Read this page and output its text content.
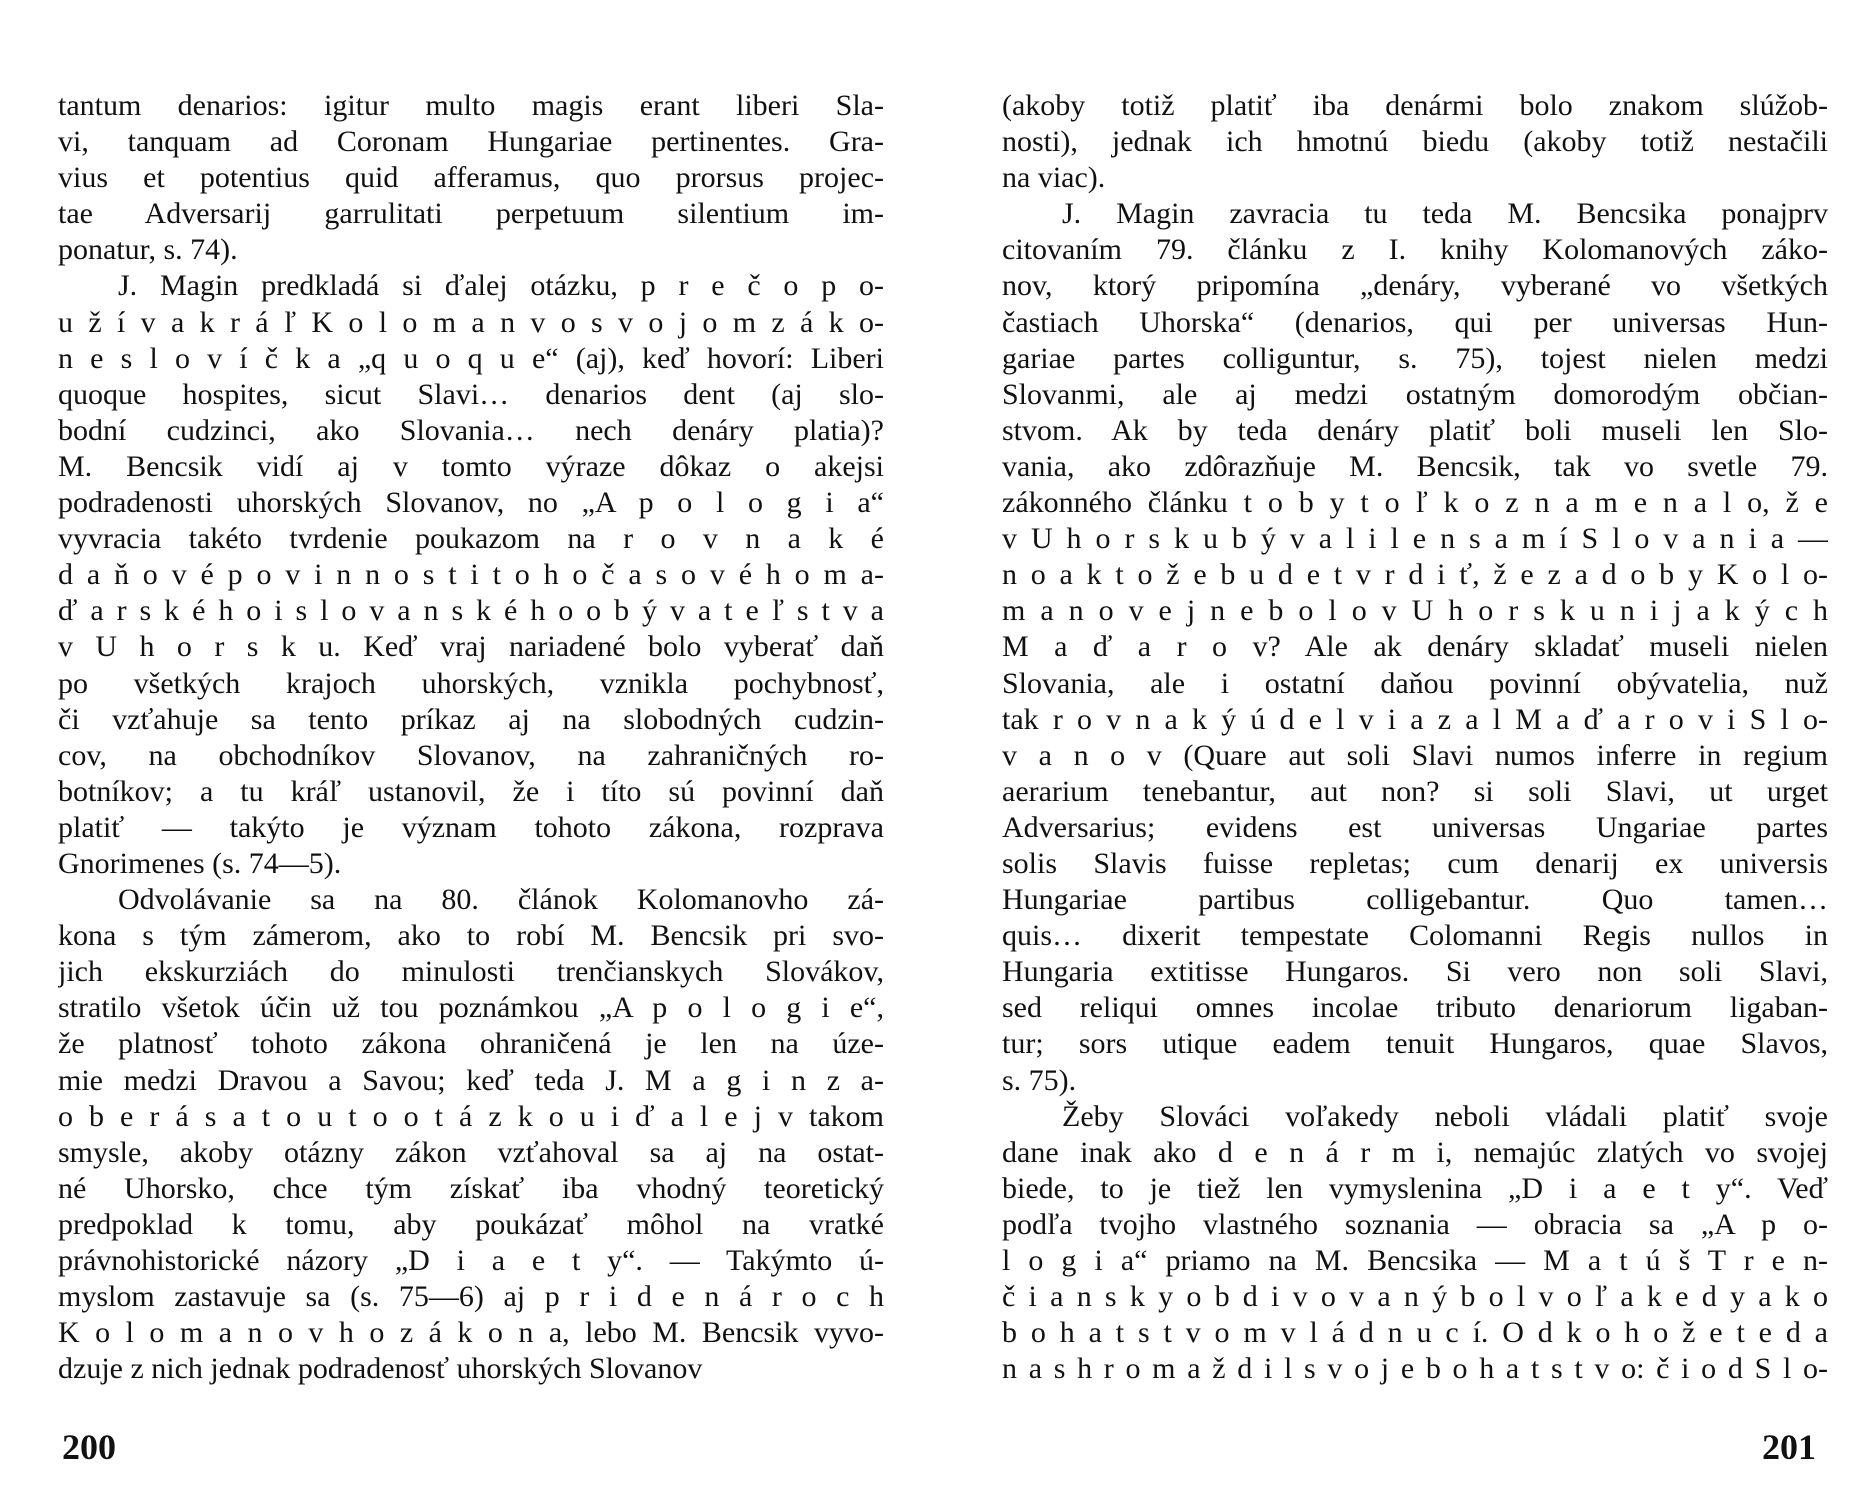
tantum denarios: igitur multo magis erant liberi Sla-
vi, tanquam ad Coronam Hungariae pertinentes. Gra-
vius et potentius quid afferamus, quo prorsus projec-
tae Adversarij garrulitati perpetuum silentium im-
ponatur, s. 74).
J. Magin predkladá si ďalej otázku, p r e č o p o-
u ž í v a k r á ľ K o l o m a n v o s v o j o m z á k o-
n e s l o v í č k a „q u o q u e“ (aj), keď hovorí: Liberi
quoque hospites, sicut Slavi… denarios dent (aj slo-
bodní cudzinci, ako Slovania… nech denáry platia)?
M. Bencsik vidí aj v tomto výraze dôkaz o akejsi
podradenosti uhorských Slovanov, no „A p o l o g i a“
vyvracia takéto tvrdenie poukazom na r o v n a k é
d a ň o v é p o v i n n o s t i t o h o č a s o v é h o m a-
ď a r s k é h o i s l o v a n s k é h o o b ý v a t e ľ s t v a
v U h o r s k u. Keď vraj nariadené bolo vyberať daň
po všetkých krajoch uhorských, vznikla pochybnosť,
či vzťahuje sa tento príkaz aj na slobodných cudzin-
cov, na obchodníkov Slovanov, na zahraničných ro-
botníkov; a tu kráľ ustanovil, že i títo sú povinní daň
platiť — takýto je význam tohoto zákona, rozprava
Gnorimenes (s. 74—5).
Odvolávanie sa na 80. článok Kolomanovho zá-
kona s tým zámerom, ako to robí M. Bencsik pri svo-
jich ekskurziách do minulosti trenčianskych Slovákov,
stratilo všetok účin už tou poznámkou „A p o l o g i e“,
že platnosť tohoto zákona ohraničená je len na úze-
mie medzi Dravou a Savou; keď teda J. M a g i n z a-
o b e r á s a t o u t o o t á z k o u i ď a l e j v takom
smysle, akoby otázny zákon vzťahoval sa aj na ostat-
né Uhorsko, chce tým získať iba vhodný teoretický
predpoklad k tomu, aby poukázať môhol na vratké
právnohistorické názory „D i a e t y“. — Takýmto ú-
myslom zastavuje sa (s. 75—6) aj p r i d e n á r o c h
K o l o m a n o v h o z á k o n a, lebo M. Bencsik vyvo-
dzuje z nich jednak podradenosť uhorských Slovanov
(akoby totiž platiť iba denármi bolo znakom slúžob-
nosti), jednak ich hmotnú biedu (akoby totiž nestačili
na viac).
J. Magin zavracia tu teda M. Bencsika ponajprv
citovaním 79. článku z I. knihy Kolomanových záko-
nov, ktorý pripomína „denáry, vyberané vo všetkých
častiach Uhorska“ (denarios, qui per universas Hun-
gariae partes colliguntur, s. 75), tojest nielen medzi
Slovanmi, ale aj medzi ostatným domorodým občian-
stvom. Ak by teda denáry platiť boli museli len Slo-
vania, ako zdôrazňuje M. Bencsik, tak vo svetle 79.
zákonného článku t o b y t o ľ k o z n a m e n a l o, ž e
v U h o r s k u b ý v a l i l e n s a m í S l o v a n i a —
n o a k t o ž e b u d e t v r d i ť, ž e z a d o b y K o l o-
m a n o v e j n e b o l o v U h o r s k u n i j a k ý c h
M a ď a r o v? Ale ak denáry skladať museli nielen
Slovania, ale i ostatní daňou povinní obývatelia, nuž
tak r o v n a k ý ú d e l v i a z a l M a ď a r o v i S l o-
v a n o v (Quare aut soli Slavi numos inferre in regium
aerarium tenebantur, aut non? si soli Slavi, ut urget
Adversarius; evidens est universas Ungariae partes
solis Slavis fuisse repletas; cum denarij ex universis
Hungariae partibus colligebantur. Quo tamen…
quis… dixerit tempestate Colomanni Regis nullos in
Hungaria extitisse Hungaros. Si vero non soli Slavi,
sed reliqui omnes incolae tributo denariorum ligaban-
tur; sors utique eadem tenuit Hungaros, quae Slavos,
s. 75).
Žeby Slováci voľakedy neboli vládali platiť svoje
dane inak ako d e n á r m i, nemajúc zlatých vo svojej
biede, to je tiež len vymyslenina „D i a e t y“. Veď
podľa tvojho vlastného soznania — obracia sa „A p o-
l o g i a“ priamo na M. Bencsika — M a t ú š T r e n-
č i a n s k y o b d i v o v a n ý b o l v o ľ a k e d y a k o
b o h a t s t v o m v l á d n u c í. O d k o h o ž e t e d a
n a s h r o m a ž d i l s v o j e b o h a t s t v o: č i o d S l o-
200	201
